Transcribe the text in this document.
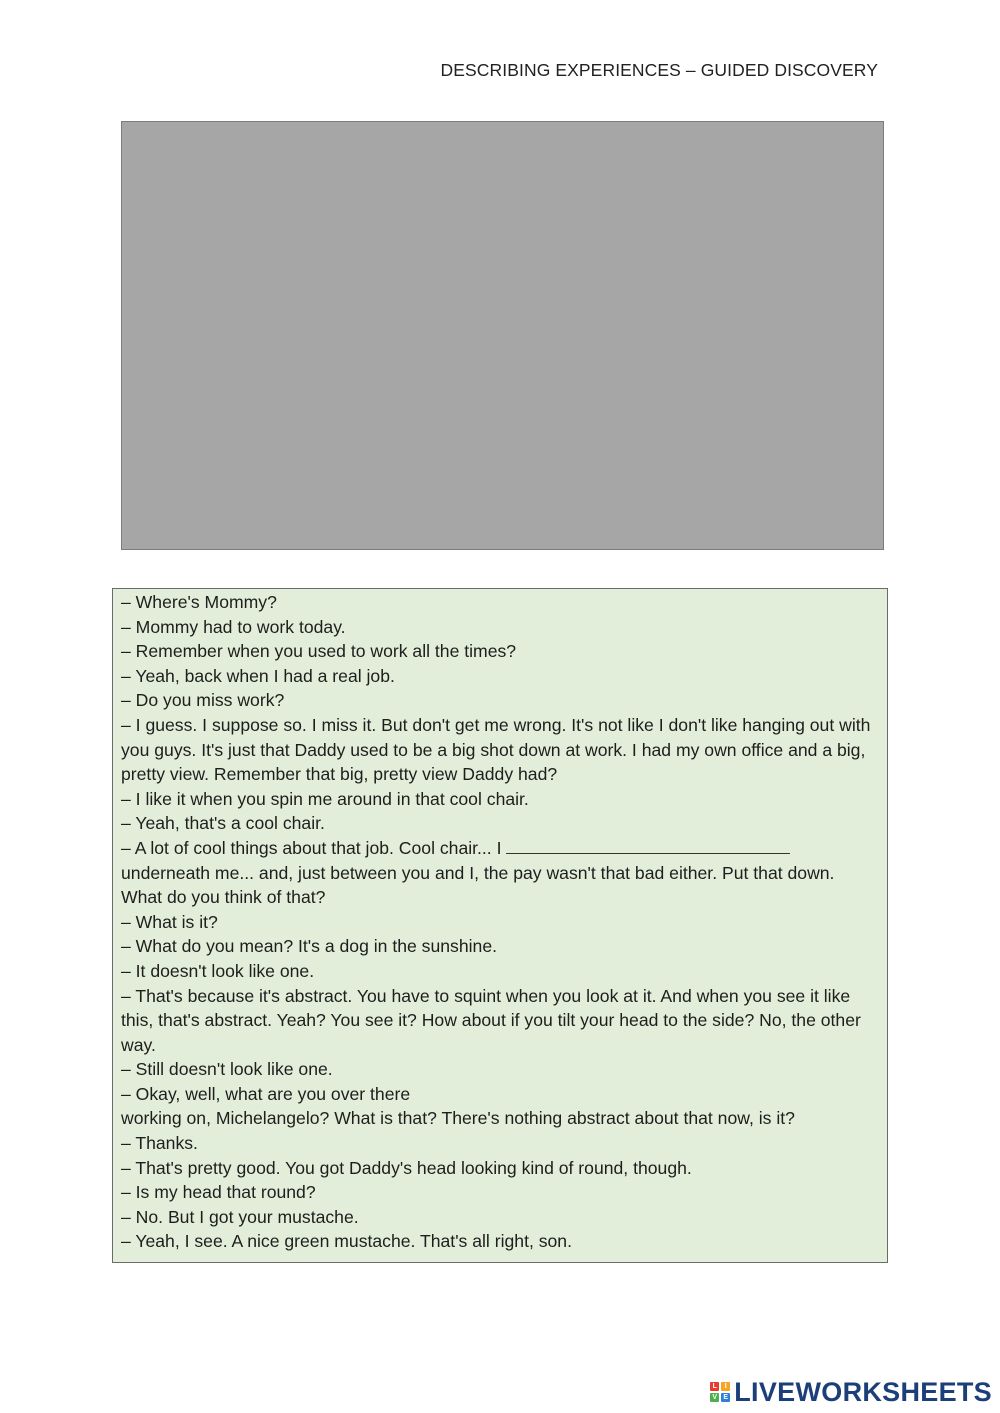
DESCRIBING EXPERIENCES – GUIDED DISCOVERY
– Where's Mommy?
– Mommy had to work today.
– Remember when you used to work all the times?
– Yeah, back when I had a real job.
– Do you miss work?
– I guess. I suppose so. I miss it. But don't get me wrong. It's not like I don't like hanging out with you guys. It's just that Daddy used to be a big shot down at work. I had my own office and a big, pretty view. Remember that big, pretty view Daddy had?
– I like it when you spin me around in that cool chair.
– Yeah, that's a cool chair.
– A lot of cool things about that job. Cool chair... I  underneath me... and, just between you and I, the pay wasn't that bad either. Put that down. What do you think of that?
– What is it?
– What do you mean? It's a dog in the sunshine.
– It doesn't look like one.
– That's because it's abstract. You have to squint when you look at it. And when you see it like this, that's abstract. Yeah? You see it? How about if you tilt your head to the side? No, the other way.
– Still doesn't look like one.
– Okay, well, what are you over there
working on, Michelangelo? What is that? There's nothing abstract about that now, is it?
– Thanks.
– That's pretty good. You got Daddy's head looking kind of round, though.
– Is my head that round?
– No. But I got your mustache.
– Yeah, I see. A nice green mustache. That's all right, son.
L	I
V E LIVEWORKSHEETS
